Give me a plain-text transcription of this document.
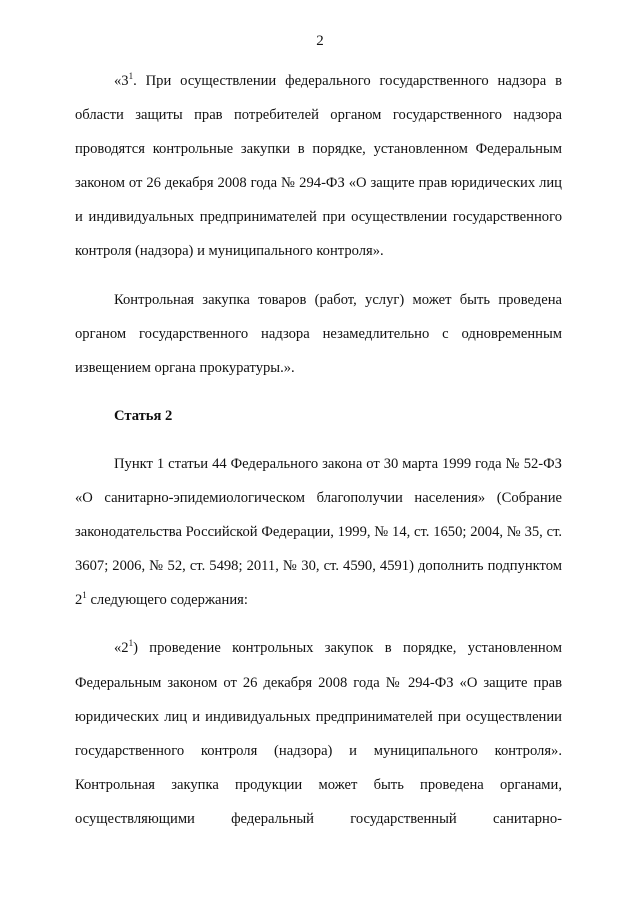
2

«$3^1$. При осуществлении федерального государственного надзора в области защиты прав потребителей органом государственного надзора проводятся контрольные закупки в порядке, установленном Федеральным законом от 26 декабря 2008 года № 294-ФЗ «О защите прав юридических лиц и индивидуальных предпринимателей при осуществлении государственного контроля (надзора) и муниципального контроля».

Контрольная закупка товаров (работ, услуг) может быть проведена органом государственного надзора незамедлительно с одновременным извещением органа прокуратуры.».

Статья 2

Пункт 1 статьи 44 Федерального закона от 30 марта 1999 года № 52-ФЗ «О санитарно-эпидемиологическом благополучии населения» (Собрание законодательства Российской Федерации, 1999, № 14, ст. 1650; 2004, № 35, ст. 3607; 2006, № 52, ст. 5498; 2011, № 30, ст. 4590, 4591) дополнить подпунктом $2^1$ следующего содержания:

«$2^1$) проведение контрольных закупок в порядке, установленном Федеральным законом от 26 декабря 2008 года № 294-ФЗ «О защите прав юридических лиц и индивидуальных предпринимателей при осуществлении государственного контроля (надзора) и муниципального контроля». Контрольная закупка продукции может быть проведена органами, осуществляющими федеральный государственный санитарно-
